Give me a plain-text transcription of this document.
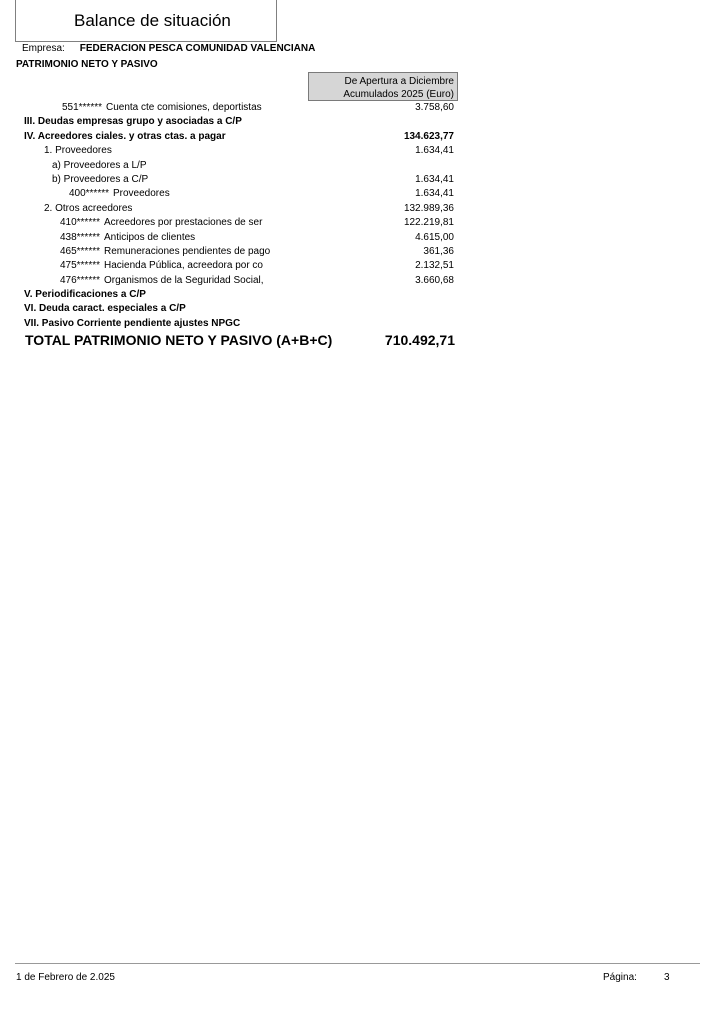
Balance de situación
Empresa: FEDERACION PESCA COMUNIDAD VALENCIANA
PATRIMONIO NETO Y PASIVO
De Apertura a Diciembre
Acumulados 2025 (Euro)
551****** Cuenta cte comisiones, deportistas	3.758,60
III. Deudas empresas grupo y asociadas a C/P
IV. Acreedores ciales. y otras ctas. a pagar	134.623,77
1. Proveedores	1.634,41
a) Proveedores a L/P
b) Proveedores a C/P	1.634,41
400****** Proveedores	1.634,41
2. Otros acreedores	132.989,36
410****** Acreedores por prestaciones de ser	122.219,81
438****** Anticipos de clientes	4.615,00
465****** Remuneraciones pendientes de pago	361,36
475****** Hacienda Pública, acreedora por co	2.132,51
476****** Organismos de la Seguridad Social,	3.660,68
V. Periodificaciones a C/P
VI. Deuda caract. especiales a C/P
VII. Pasivo Corriente pendiente ajustes NPGC
TOTAL PATRIMONIO NETO Y PASIVO (A+B+C)	710.492,71
1 de Febrero de 2.025	Página:	3
